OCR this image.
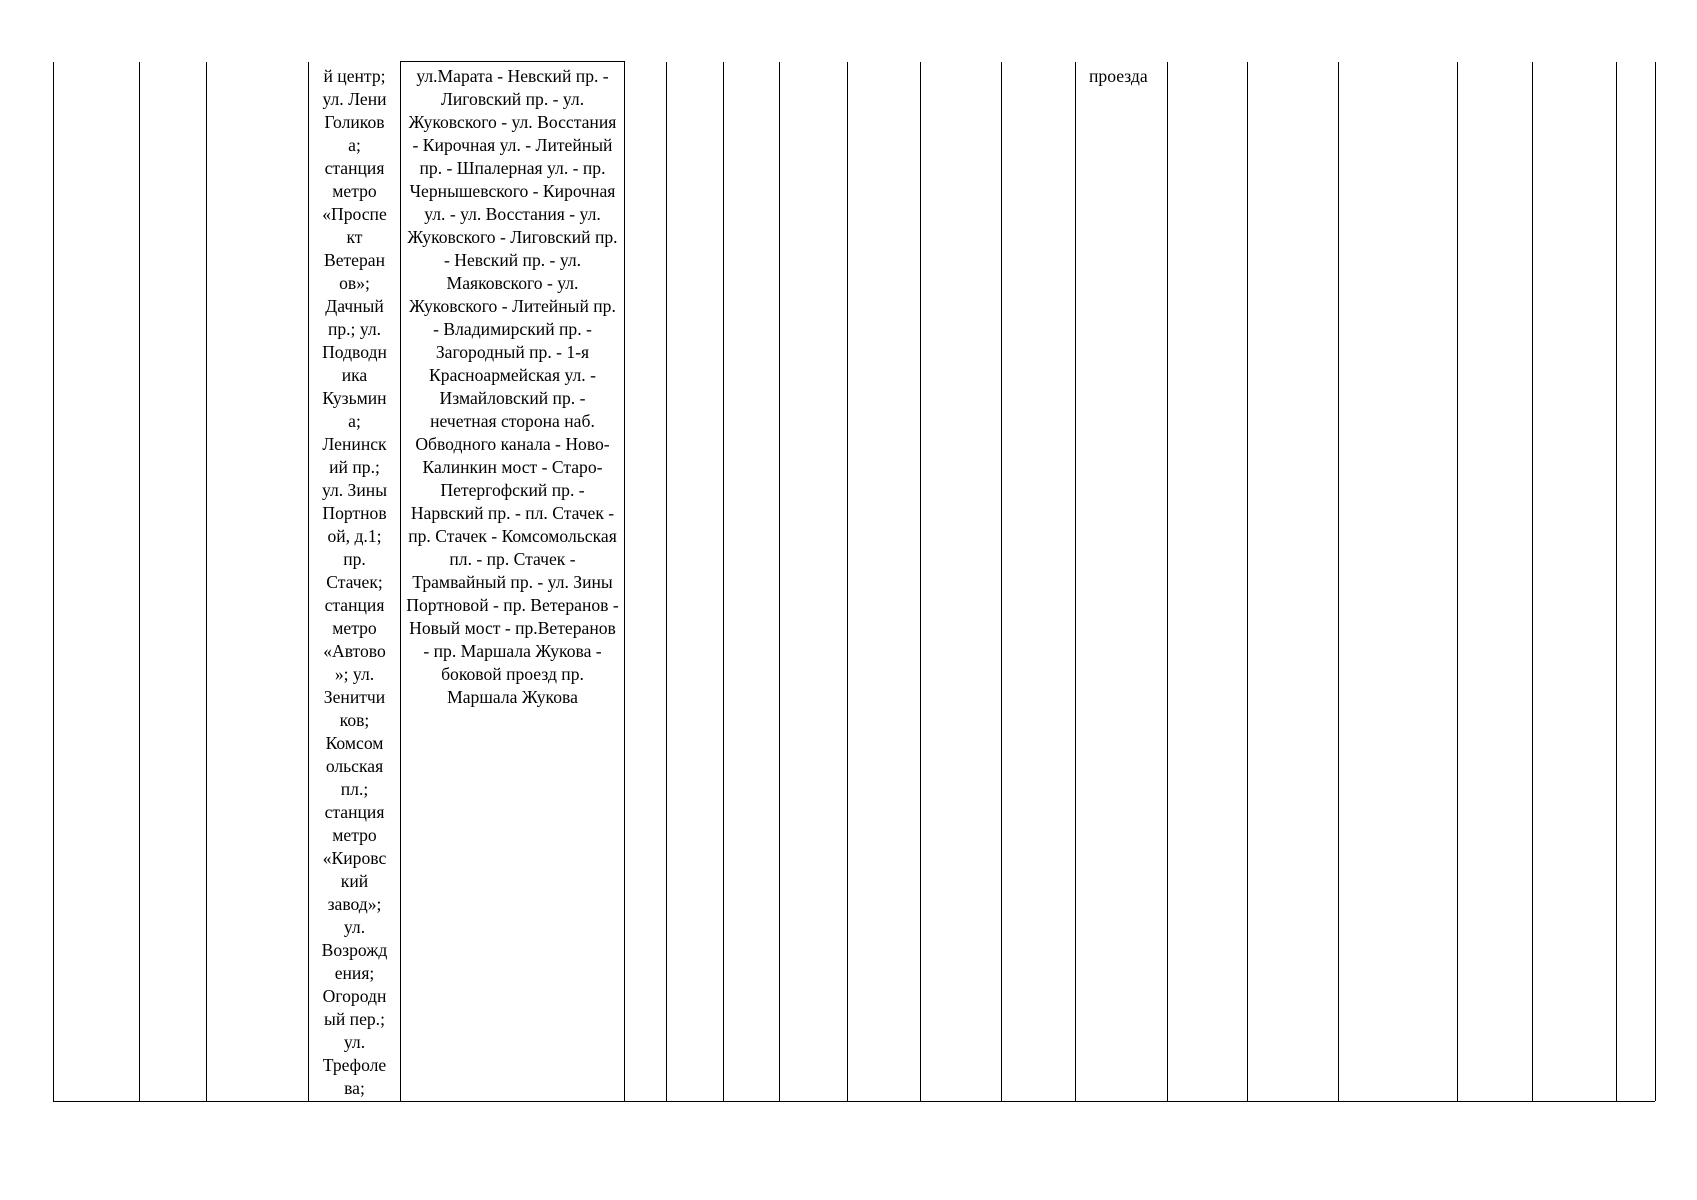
			й центр;
ул. Лени
Голиков
а;
станция
метро
«Проспе
кт
Ветеран
ов»;
Дачный
пр.; ул.
Подводн
ика
Кузьмин
а;
Ленинск
ий пр.;
ул. Зины
Портнов
ой, д.1;
пр.
Стачек;
станция
метро
«Автово
»; ул.
Зенитчи
ков;
Комсом
ольская
пл.;
станция
метро
«Кировс
кий
завод»;
ул.
Возрожд
ения;
Огородн
ый пер.;
ул.
Трефоле
ва;	ул.Марата - Невский пр. - Лиговский пр. - ул. Жуковского - ул. Восстания - Кирочная ул. - Литейный пр. - Шпалерная ул. - пр. Чернышевского - Кирочная ул. - ул. Восстания - ул. Жуковского - Лиговский пр. - Невский пр. - ул. Маяковского - ул. Жуковского - Литейный пр. - Владимирский пр. - Загородный пр. - 1-я Красноармейская ул. - Измайловский пр. - нечетная сторона наб. Обводного канала - Ново-Калинкин мост - Старо-Петергофский пр. - Нарвский пр. - пл. Стачек - пр. Стачек - Комсомольская пл. - пр. Стачек - Трамвайный пр. - ул. Зины Портновой - пр. Ветеранов - Новый мост - пр.Ветеранов - пр. Маршала Жукова - боковой проезд пр. Маршала Жукова								проезда						
